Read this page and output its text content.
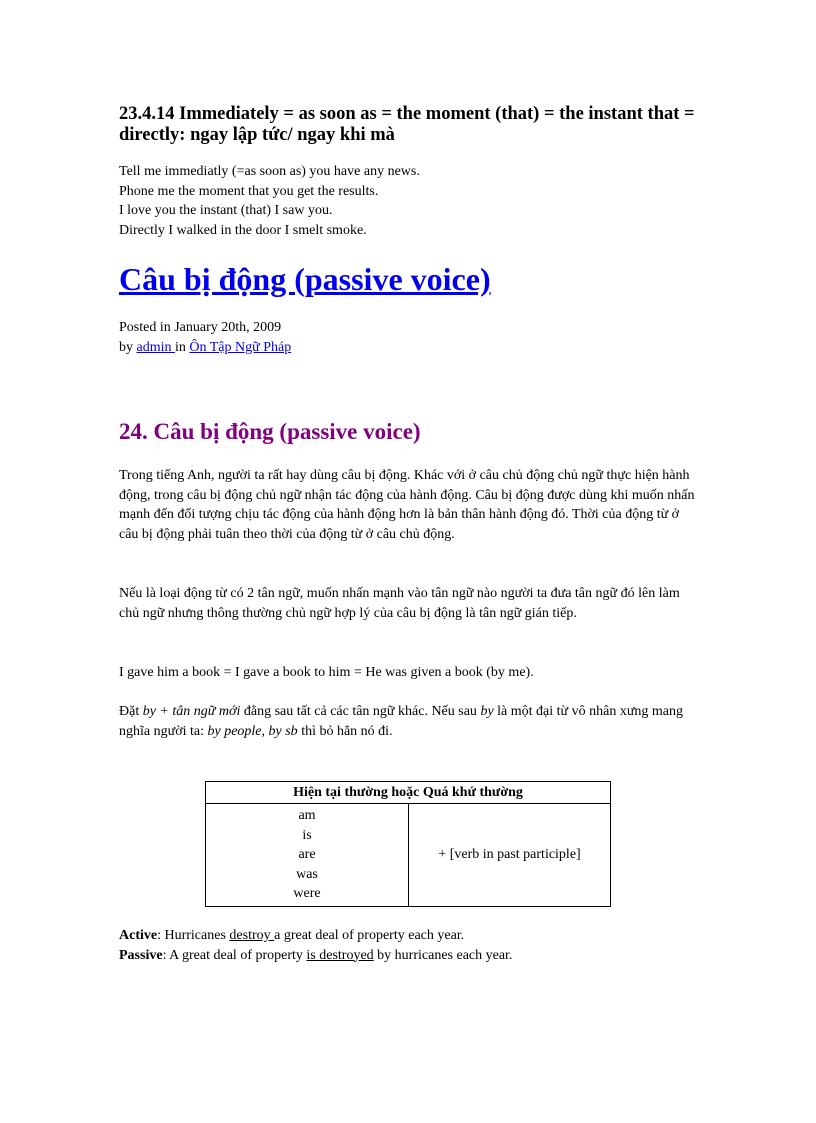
23.4.14 Immediately = as soon as = the moment (that) = the instant that = directly: ngay lập tức/ ngay khi mà
Tell me immediatly (=as soon as) you have any news.
Phone me the moment that you get the results.
I love you the instant (that) I saw you.
Directly I walked in the door I smelt smoke.
Câu bị động (passive voice)
Posted in January 20th, 2009
by admin in Ôn Tập Ngữ Pháp
24. Câu bị động (passive voice)

Trong tiếng Anh, người ta rất hay dùng câu bị động. Khác với ở câu chủ động chủ ngữ thực hiện hành động, trong câu bị động chủ ngữ nhận tác động của hành động. Câu bị động được dùng khi muốn nhấn mạnh đến đối tượng chịu tác động của hành động hơn là bản thân hành động đó. Thời của động từ ở câu bị động phải tuân theo thời của động từ ở câu chủ động.

Nếu là loại động từ có 2 tân ngữ, muốn nhấn mạnh vào tân ngữ nào người ta đưa tân ngữ đó lên làm chủ ngữ nhưng thông thường chủ ngữ hợp lý của câu bị động là tân ngữ gián tiếp.

I gave him a book = I gave a book to him = He was given a book (by me).

Đặt by + tân ngữ mới đằng sau tất cả các tân ngữ khác. Nếu sau by là một đại từ vô nhân xưng mang nghĩa người ta: by people, by sb thì bỏ hẳn nó đi.

Hiện tại thường hoặc Quá khứ thường

am
is
are
was
were
	+ [verb in past participle]
Active: Hurricanes destroy a great deal of property each year.
Passive: A great deal of property is destroyed by hurricanes each year.
